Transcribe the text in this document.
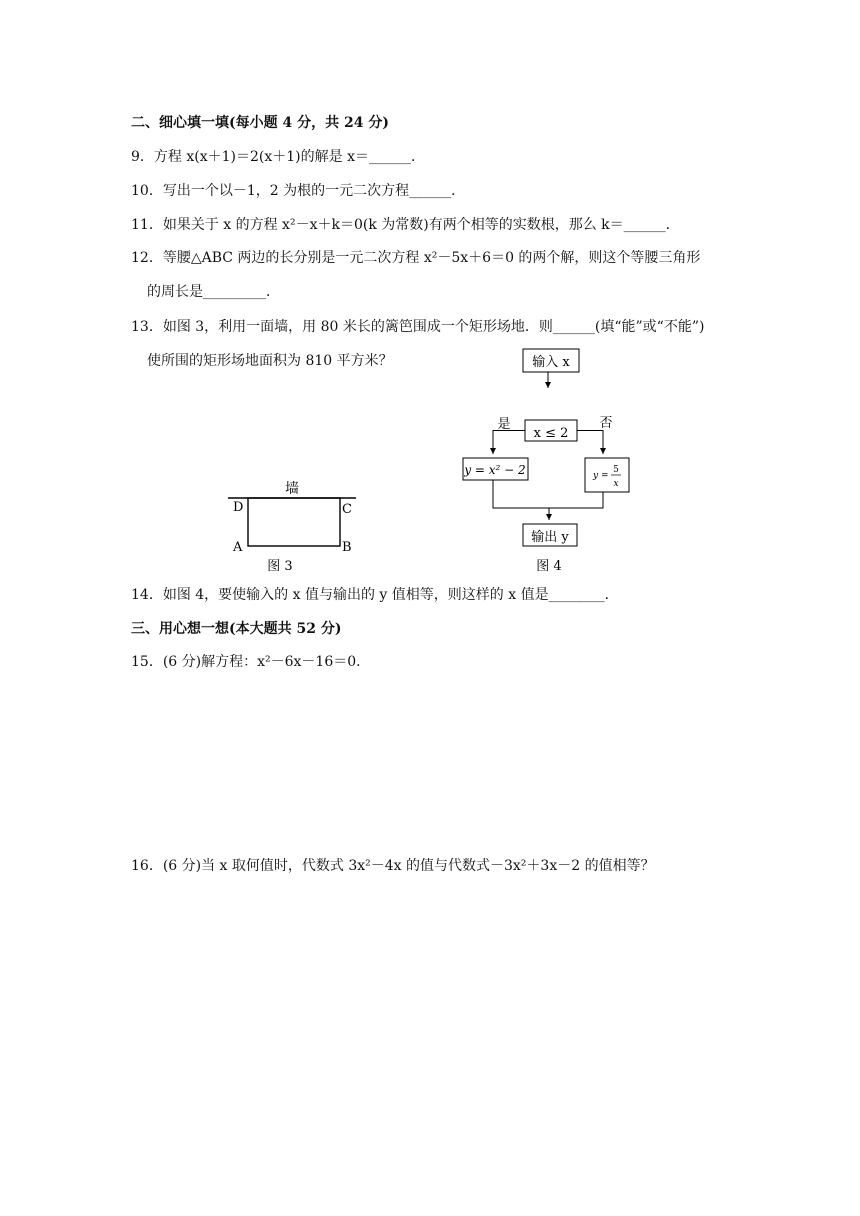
二、细心填一填(每小题 4 分，共 24 分)
9．方程 x(x＋1)＝2(x＋1)的解是 x＝______．
10．写出一个以－1，2 为根的一元二次方程______．
11．如果关于 x 的方程 x²－x＋k＝0(k 为常数)有两个相等的实数根，那么 k＝______．
12．等腰△ABC 两边的长分别是一元二次方程 x²－5x＋6＝0 的两个解，则这个等腰三角形
的周长是_________．
13．如图 3，利用一面墙，用 80 米长的篱笆围成一个矩形场地．则______(填“能”或“不能”)
使所围的矩形场地面积为 810 平方米？
墙
D	C
A	B
图 3
输入 x
x ≤ 2
是	否
y = x² − 2	y =
5
x
输出 y
图 4
14．如图 4，要使输入的 x 值与输出的 y 值相等，则这样的 x 值是________．
三、用心想一想(本大题共 52 分)
15．(6 分)解方程：x²－6x－16＝0．
16．(6 分)当 x 取何值时，代数式 3x²－4x 的值与代数式－3x²＋3x－2 的值相等？
